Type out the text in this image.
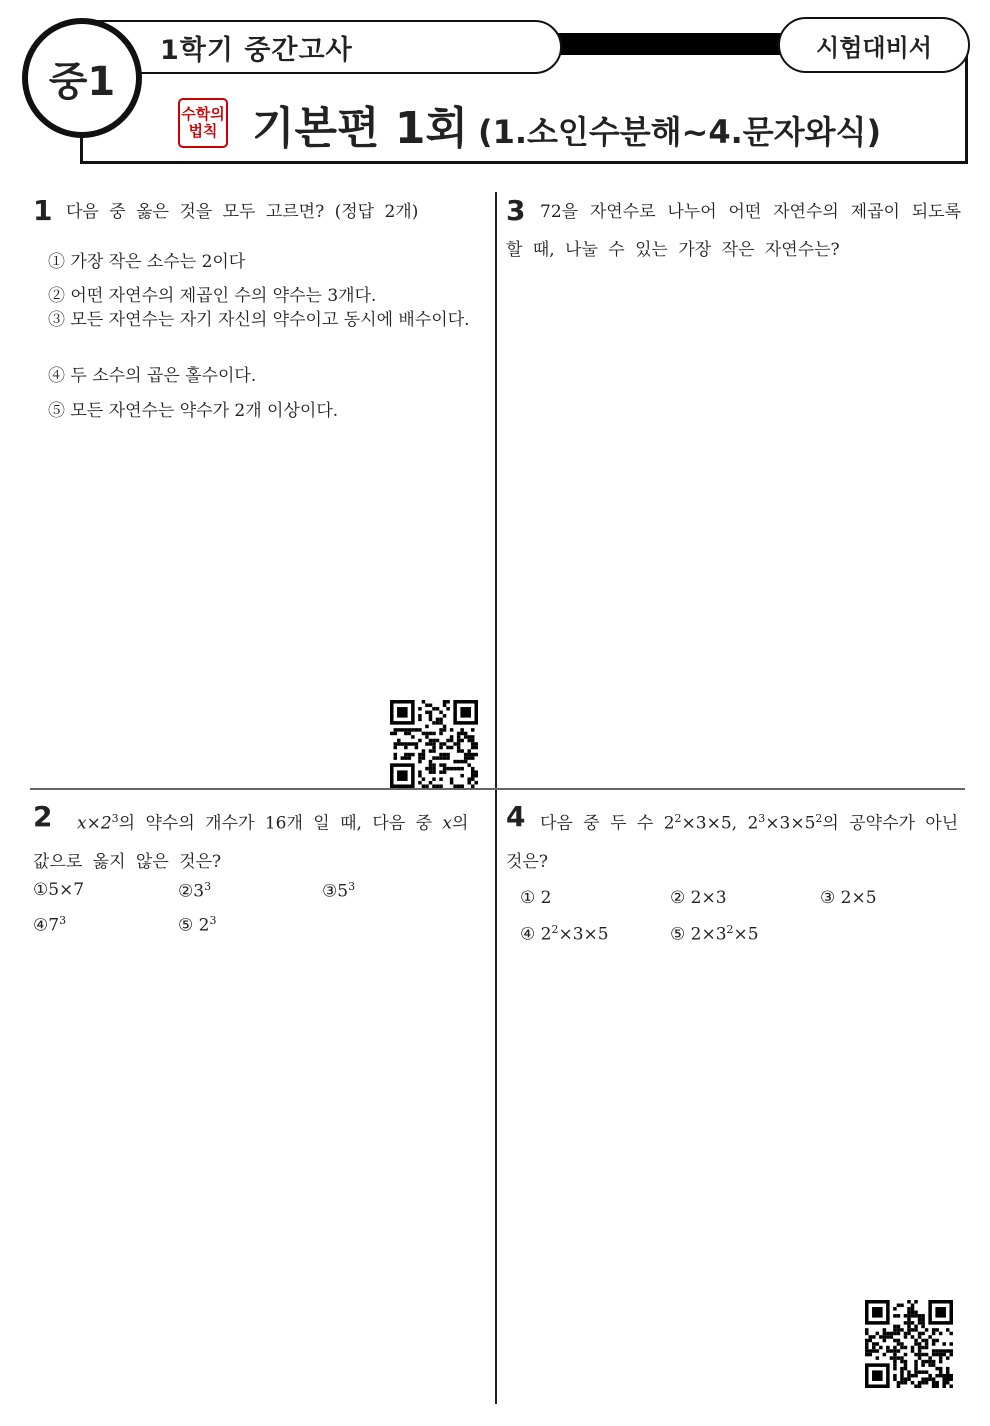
1학기 중간고사
중1
시험대비서
수학의
법칙 기본편 1회 (1.소인수분해~4.문자와식)
1 다음 중 옳은 것을 모두 고르면? (정답 2개)
① 가장 작은 소수는 2이다
② 어떤 자연수의 제곱인 수의 약수는 3개다.
③ 모든 자연수는 자기 자신의 약수이고 동시에 배수이다.
④ 두 소수의 곱은 홀수이다.
⑤ 모든 자연수는 약수가 2개 이상이다.
2	$x\times 2^3$의 약수의 개수가 16개 일 때, 다음 중 x의 값으로 옳지 않은 것은?
①5×7	$②3^3$	$③5^3$
$④7^3$	⑤ $2^3$
3 72을 자연수로 나누어 어떤 자연수의 제곱이 되도록 할 때, 나눌 수 있는 가장 작은 자연수는?
4 다음 중 두 수 $2^2\times 3\times 5$, $2^3\times 3\times 5^2$의 공약수가 아닌 것은?
① 2	② 2×3	③ 2×5
④ $2^2\times 3\times 5$	⑤ $2\times 3^2\times 5$
